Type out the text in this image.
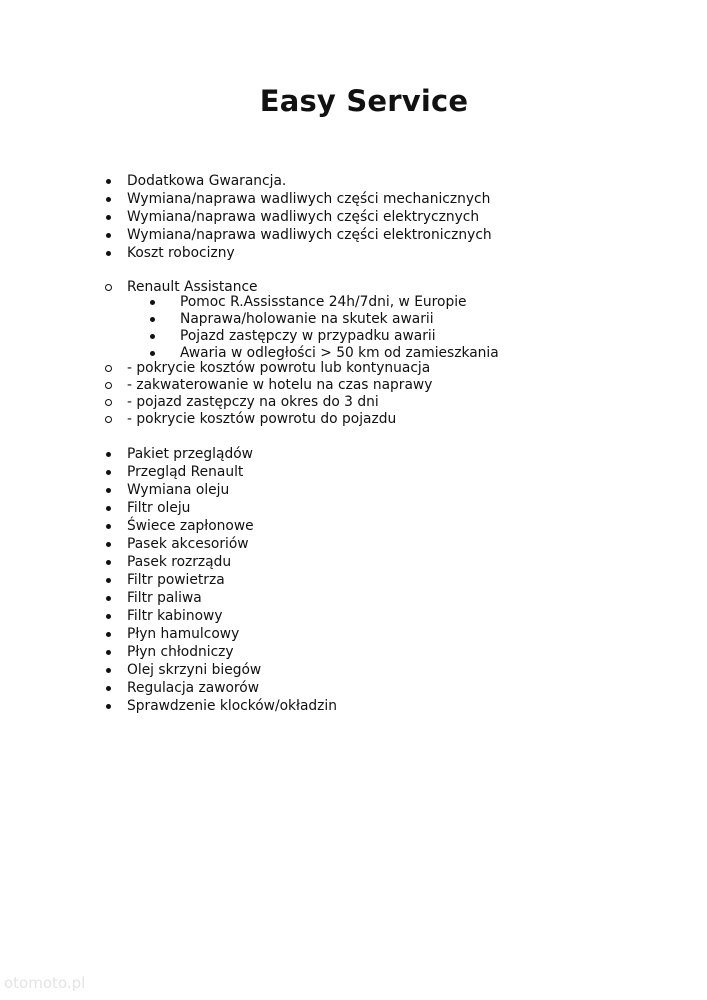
Easy Service
Dodatkowa Gwarancja.
Wymiana/naprawa wadliwych części mechanicznych
Wymiana/naprawa wadliwych części elektrycznych
Wymiana/naprawa wadliwych części elektronicznych
Koszt robocizny
Renault Assistance
Pomoc R.Assisstance 24h/7dni, w Europie
Naprawa/holowanie na skutek awarii
Pojazd zastępczy w przypadku awarii
Awaria w odległości > 50 km od zamieszkania
- pokrycie kosztów powrotu lub kontynuacja
- zakwaterowanie w hotelu na czas naprawy
- pojazd zastępczy na okres do 3 dni
- pokrycie kosztów powrotu do pojazdu
Pakiet przeglądów
Przegląd Renault
Wymiana oleju
Filtr oleju
Świece zapłonowe
Pasek akcesoriów
Pasek rozrządu
Filtr powietrza
Filtr paliwa
Filtr kabinowy
Płyn hamulcowy
Płyn chłodniczy
Olej skrzyni biegów
Regulacja zaworów
Sprawdzenie klocków/okładzin
otomoto.pl
